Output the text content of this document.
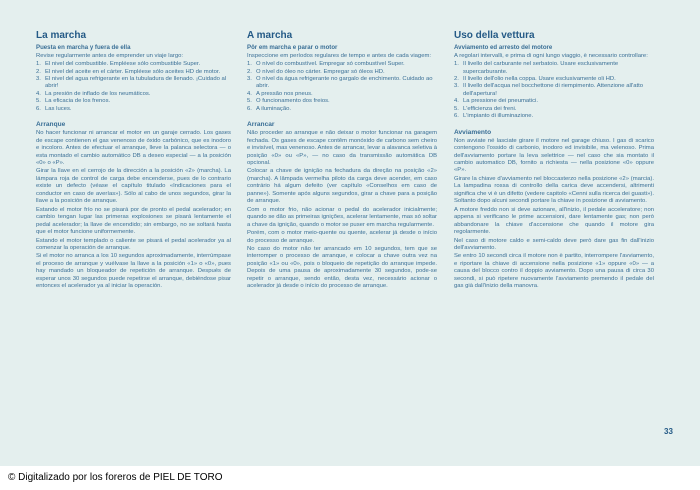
La marcha
Puesta en marcha y fuera de ella

Revise regularmente antes de emprender un viaje largo:

1. El nivel del combustible. Empléese sólo combustible Super.
2. El nivel del aceite en el cárter. Empléese sólo aceites HD de motor.
3. El nivel del agua refrigerante en la tubuladura de llenado. ¡Cuidado al abrir!
4. La presión de inflado de los neumáticos.
5. La eficacia de los frenos.
6. Las luces.
Arranque

No hacer funcionar ni arrancar el motor en un garaje cerrado. Los gases de escape contienen el gas venenoso de óxido carbónico, que es inodoro e incoloro. Antes de efectuar el arranque, lleve la palanca selectora — o esta montado el cambio automático DB a deseo especial — a la posición «0» o «P».

Girar la llave en el cerrojo de la dirección a la posición «2» (marcha). La lámpara roja de control de carga debe encenderse, pues de lo contrario existe un defecto (véase el capítulo titulado «Indicaciones para el conductor en caso de averías»). Sólo al cabo de unos segundos, girar la llave a la posición de arranque.

Estando el motor frío no se pisará por de pronto el pedal acelerador; en cambio tengan lugar las primeras explosiones se pisará lentamente el pedal acelerador; la llave de encendido; sin embargo, no se soltará hasta que el motor funcione uniformemente.

Estando el motor templado o caliente se pisará el pedal acelerador ya al comenzar la operación de arranque.

Si el motor no arranca a los 10 segundos aproximadamente, interrúmpase el proceso de arranque y vuélvase la llave a la posición «1» o «0», pues hay mandado un bloqueador de repetición de arranque. Después de esperar unos 30 segundos puede repetirse el arranque, debiéndose pisar entonces el acelerador ya al iniciar la operación.

A marcha
Pôr em marcha e parar o motor

Inspeccione em períodos regulares de tempo e antes de cada viagem:

1. O nível do combustível. Empregar só combustível Super.
2. O nível do óleo no cárter. Empregar só óleos HD.
3. O nível da água refrigerante no gargalo de enchimento. Cuidado ao abrir.
4. A pressão nos pneus.
5. O funcionamento dos freios.
6. A iluminação.
Arrancar

Não proceder ao arranque e não deixar o motor funcionar na garagem fechada. Os gases de escape contêm monóxido de carbono sem cheiro e invisível, mas venenoso. Antes de arrancar, levar a alavanca seletiva à posição «0» ou «P», — no caso da transmissão automática DB opcional.

Colocar a chave de ignição na fechadura da direção na posição «2» (marcha). A lâmpada vermelha piloto da carga deve acender, em caso contrário há algum defeito (ver capítulo «Conselhos em caso de panne»). Somente após alguns segundos, girar a chave para a posição de arranque.

Com o motor frio, não acionar o pedal do acelerador inicialmente; quando se dão as primeiras ignições, acelerar lentamente, mas só soltar a chave da ignição, quando o motor se puser em marcha regularmente.

Porém, com o motor meio-quente ou quente, acelerar já desde o início do processo de arranque.

No caso do motor não ter arrancado em 10 segundos, tem que se interromper o processo de arranque, e colocar a chave outra vez na posição «1» ou «0», pois o bloqueio de repetição do arranque impede. Depois de uma pausa de aproximadamente 30 segundos, pode-se repetir o arranque, sendo então, desta vez, necessário acionar o acelerador já desde o início do processo de arranque.

Uso della vettura
Avviamento ed arresto del motore

A regolari intervalli, e prima di ogni lungo viaggio, è necessario controllare:

1. Il livello del carburante nel serbatoio. Usare esclusivamente supercarburante.
2. Il livello dell'olio nella coppa. Usare esclusivamente oli HD.
3. Il livello dell'acqua nel bocchettone di riempimento. Attenzione all'atto dell'apertura!
4. La pressione dei pneumatici.
5. L'efficienza dei freni.
6. L'impianto di illuminazione.
Avviamento

Non avviate né lasciate girare il motore nel garage chiuso. I gas di scarico contengono l'ossido di carbonio, inodoro ed invisibile, ma velenoso. Prima dell'avviamento portare la leva selettrice — nel caso che sia montato il cambio automatico DB, fornito a richiesta — nella posizione «0» oppure «P».

Girare la chiave d'avviamento nel bloccasterzo nella posizione «2» (marcia). La lampadina rossa di controllo della carica deve accendersi, altrimenti significa che vi è un difetto (vedere capitolo «Cenni sulla ricerca dei guasti»). Soltanto dopo alcuni secondi portare la chiave in posizione di avviamento.

A motore freddo non si deve azionare, all'inizio, il pedale acceleratore; non appena si verificano le prime accensioni, dare lentamente gas; non però abbandonare la chiave d'accensione che quando il motore gira regolarmente.

Nel caso di motore caldo e semi-caldo deve però dare gas fin dall'inizio dell'avviamento.

Se entro 10 secondi circa il motore non è partito, interrompere l'avviamento, e riportare la chiave di accensione nella posizione «1» oppure «0» — a causa del blocco contro il doppio avviamento. Dopo una pausa di circa 30 secondi, si può ripetere nuovamente l'avviamento premendo il pedale del gas già dall'inizio della manovra.

33
© Digitalizado por los foreros de PIEL DE TORO
